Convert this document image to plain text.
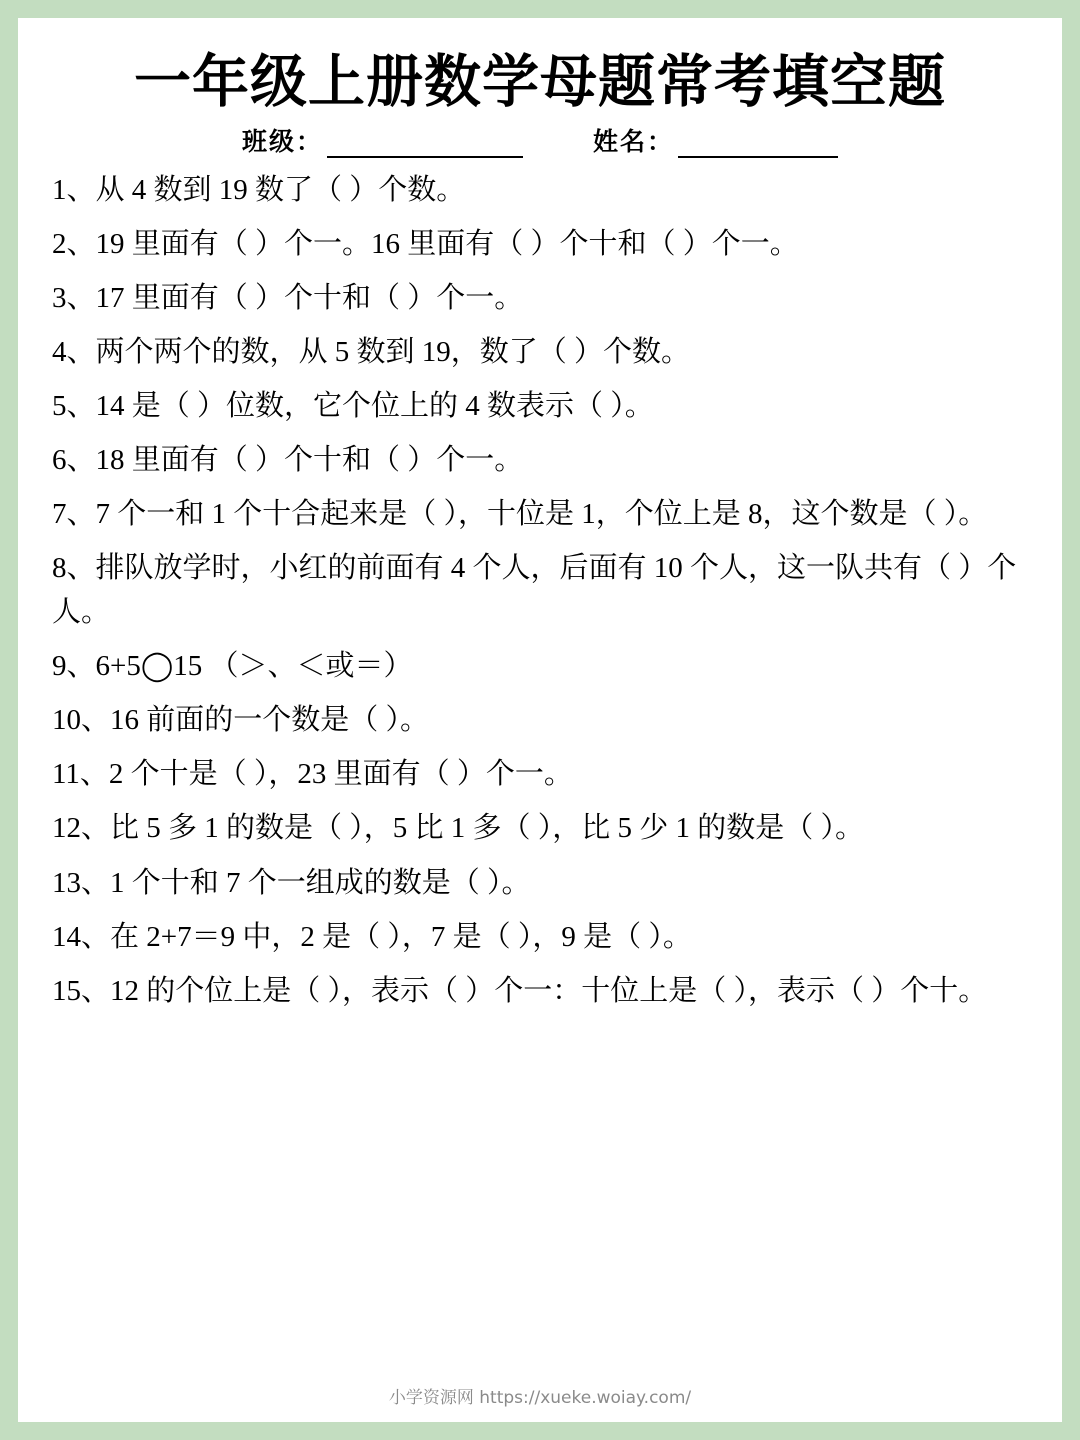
一年级上册数学母题常考填空题
班级：	姓名：

1、从 4 数到 19 数了（ ）个数。

2、19 里面有（ ）个一。16 里面有（ ）个十和（ ）个一。

3、17 里面有（ ）个十和（ ）个一。

4、两个两个的数，从 5 数到 19，数了（ ）个数。

5、14 是（ ）位数，它个位上的 4 数表示（ ）。

6、18 里面有（ ）个十和（ ）个一。

7、7 个一和 1 个十合起来是（ ），十位是 1，个位上是 8，这个数是（ ）。

8、排队放学时，小红的前面有 4 个人，后面有 10 个人，这一队共有（ ）个人。

9、6+5◯15 （＞、＜或＝）

10、16 前面的一个数是（ ）。

11、2 个十是（ ），23 里面有（ ）个一。

12、比 5 多 1 的数是（ ），5 比 1 多（ ），比 5 少 1 的数是（ ）。

13、1 个十和 7 个一组成的数是（ ）。

14、在 2+7＝9 中，2 是（ ），7 是（ ），9 是（ ）。

15、12 的个位上是（ ），表示（ ）个一：十位上是（ ），表示（ ）个十。

小学资源网 https://xueke.woiay.com/
